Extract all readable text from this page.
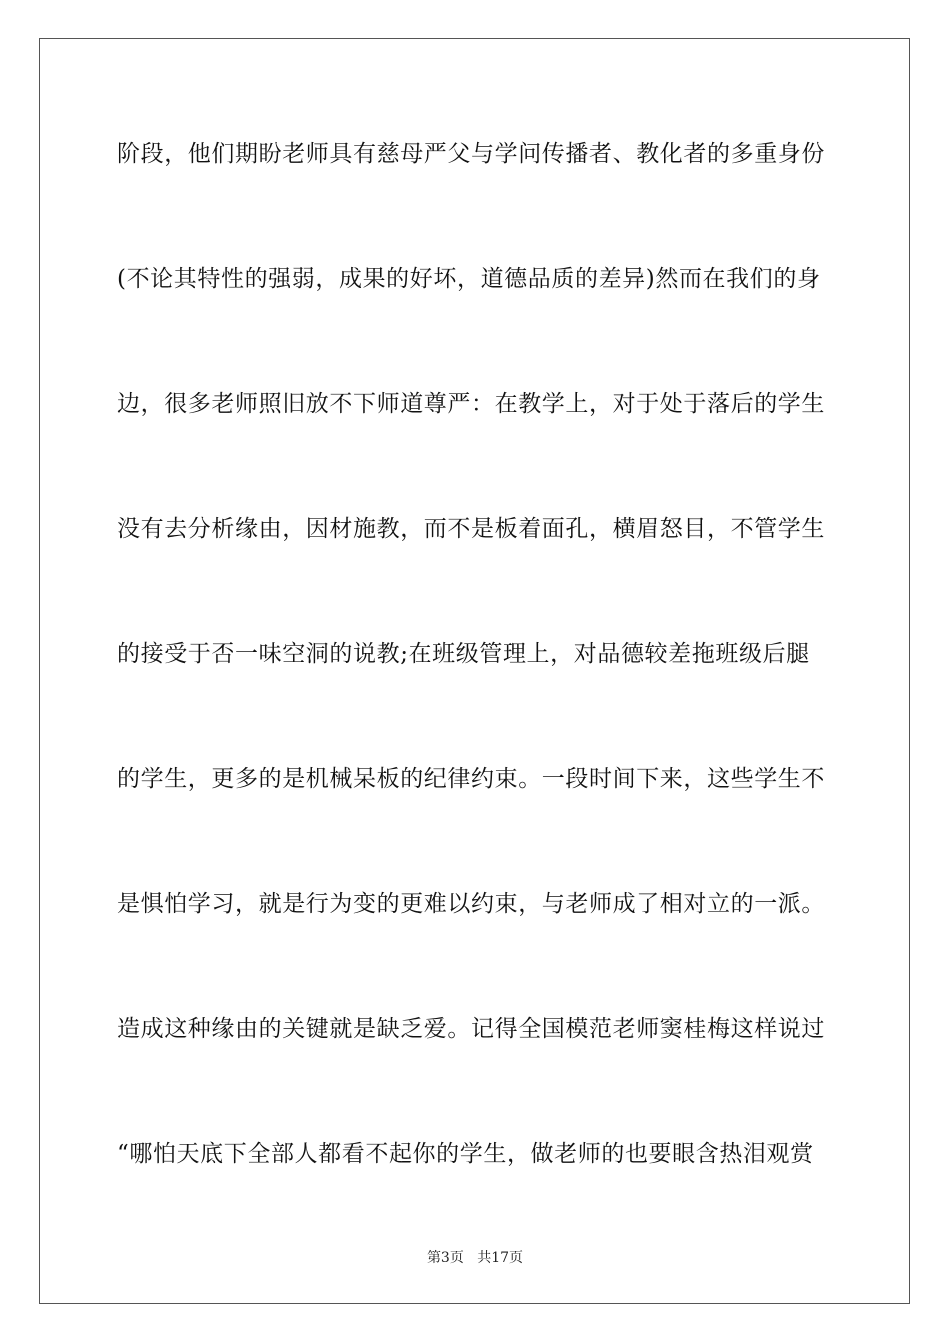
阶段，他们期盼老师具有慈母严父与学问传播者、教化者的多重身份
(不论其特性的强弱，成果的好坏，道德品质的差异)然而在我们的身
边，很多老师照旧放不下师道尊严：在教学上，对于处于落后的学生
没有去分析缘由，因材施教，而不是板着面孔，横眉怒目，不管学生
的接受于否一味空洞的说教;在班级管理上，对品德较差拖班级后腿
的学生，更多的是机械呆板的纪律约束。一段时间下来，这些学生不
是惧怕学习，就是行为变的更难以约束，与老师成了相对立的一派。
造成这种缘由的关键就是缺乏爱。记得全国模范老师窦桂梅这样说过
“哪怕天底下全部人都看不起你的学生，做老师的也要眼含热泪观赏
第3页 共17页
